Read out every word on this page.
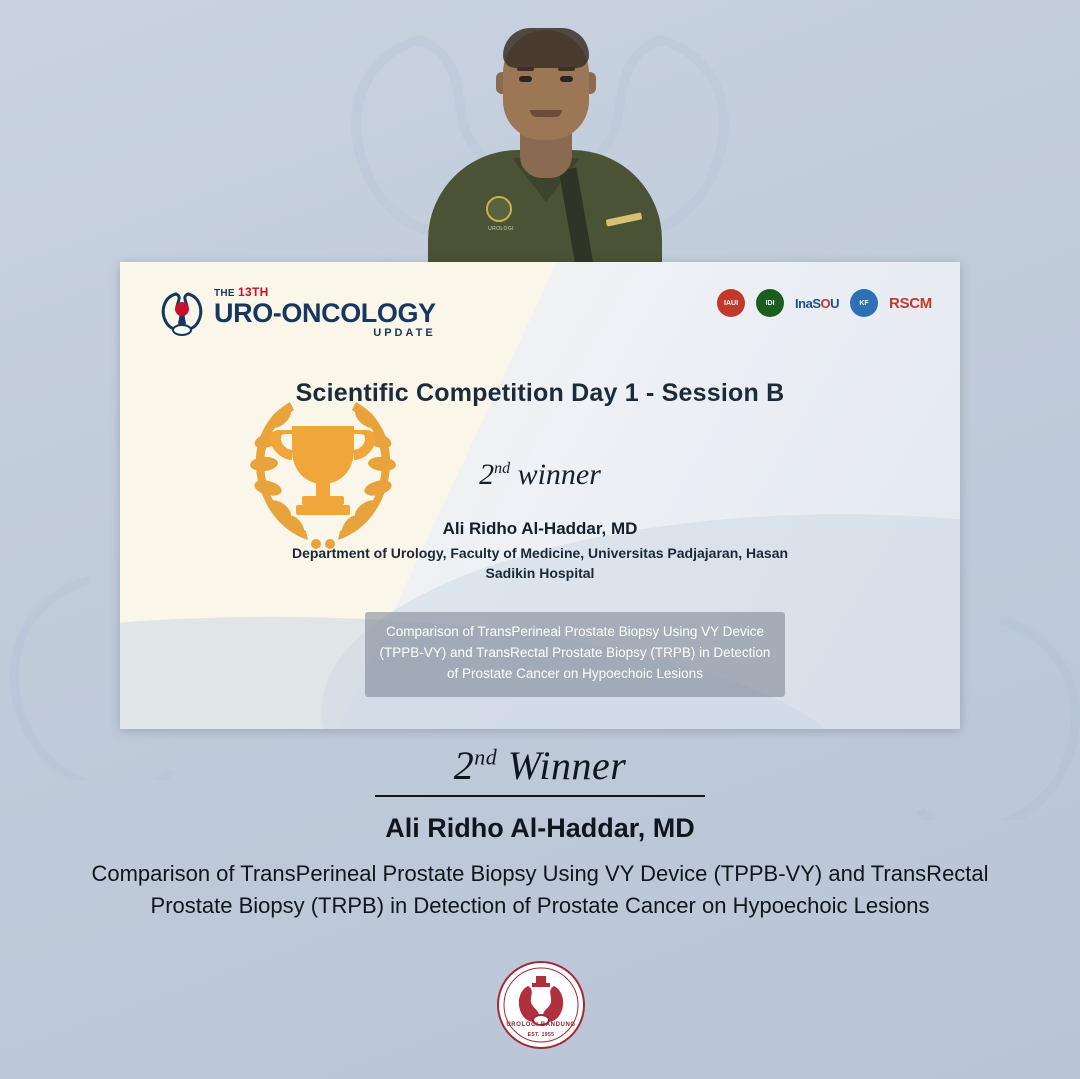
UROLOGI
THE 13TH
URO-ONCOLOGY
UPDATE
IAUI	IDI	InaS O U	KF	RSCM
Scientific Competition Day 1 - Session B
2nd winner
Ali Ridho Al-Haddar, MD
Department of Urology, Faculty of Medicine, Universitas Padjajaran, Hasan Sadikin Hospital
Comparison of TransPerineal Prostate Biopsy Using VY Device (TPPB-VY) and TransRectal Prostate Biopsy (TRPB) in Detection of Prostate Cancer on Hypoechoic Lesions
2nd Winner
Ali Ridho Al-Haddar, MD
Comparison of TransPerineal Prostate Biopsy Using VY Device (TPPB-VY) and TransRectal Prostate Biopsy (TRPB) in Detection of Prostate Cancer on Hypoechoic Lesions
UROLOGI BANDUNG
EST. 1955
